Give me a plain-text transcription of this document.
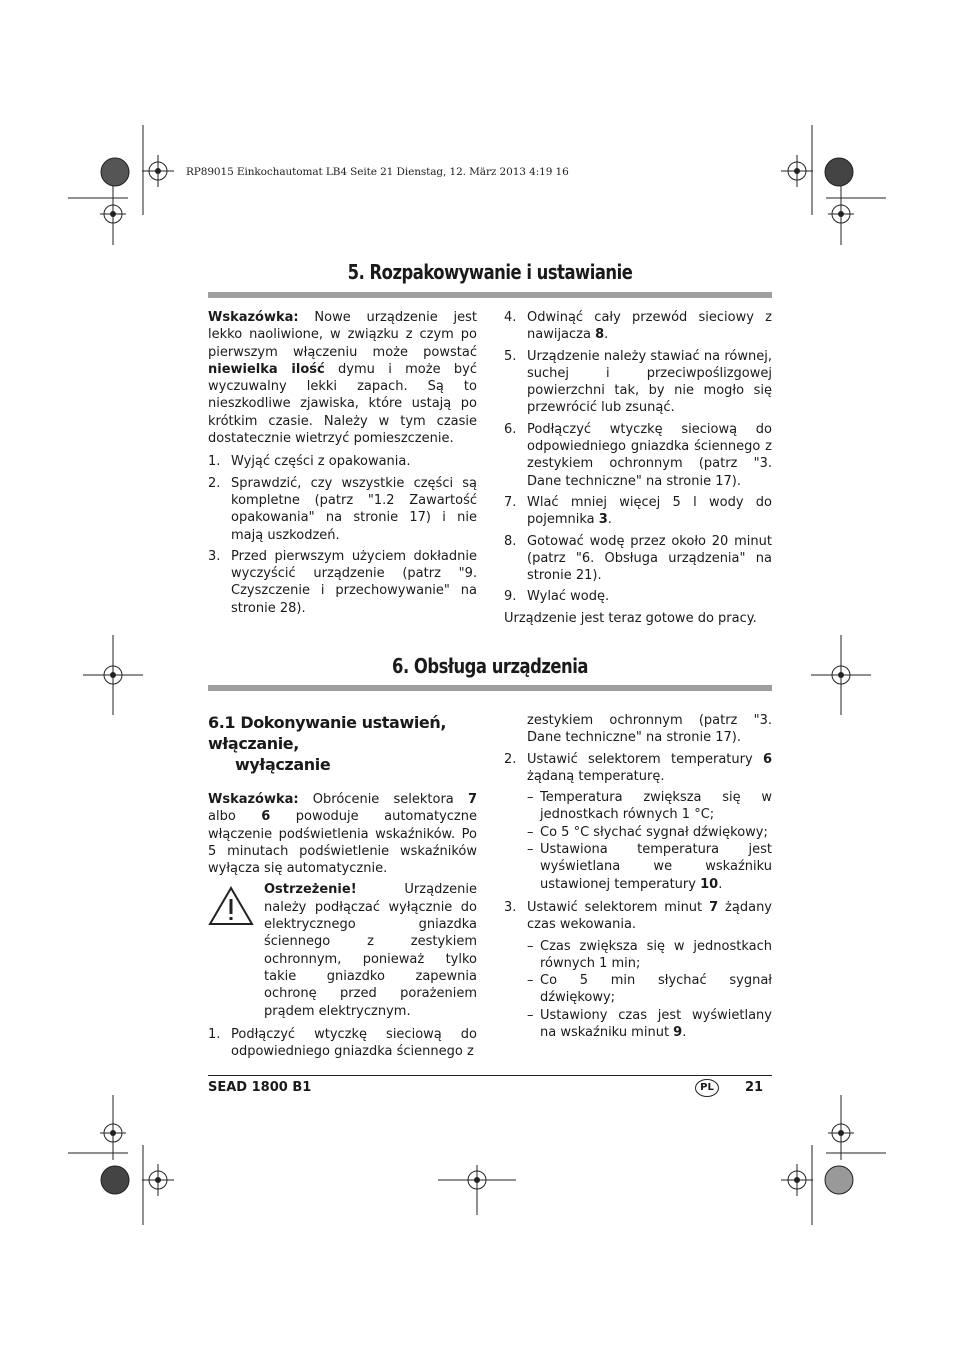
RP89015 Einkochautomat LB4 Seite 21 Dienstag, 12. März 2013 4:19 16
5. Rozpakowywanie i ustawianie

Wskazówka: Nowe urządzenie jest lekko naoliwione, w związku z czym po pierwszym włączeniu może powstać niewielka ilość dymu i może być wyczuwalny lekki zapach. Są to nieszkodliwe zjawiska, które ustają po krótkim czasie. Należy w tym czasie dostatecznie wietrzyć pomieszczenie.

1. Wyjąć części z opakowania.
2. Sprawdzić, czy wszystkie części są kompletne (patrz "1.2 Zawartość opakowania" na stronie 17) i nie mają uszkodzeń.
3. Przed pierwszym użyciem dokładnie wyczyścić urządzenie (patrz "9. Czyszczenie i przechowywanie" na stronie 28).
4. Odwinąć cały przewód sieciowy z nawijacza 8.
5. Urządzenie należy stawiać na równej, suchej i przeciwpoślizgowej powierzchni tak, by nie mogło się przewrócić lub zsunąć.
6. Podłączyć wtyczkę sieciową do odpowiedniego gniazdka ściennego z zestykiem ochronnym (patrz "3. Dane techniczne" na stronie 17).
7. Wlać mniej więcej 5 l wody do pojemnika 3.
8. Gotować wodę przez około 20 minut (patrz "6. Obsługa urządzenia" na stronie 21).
9. Wylać wodę.

Urządzenie jest teraz gotowe do pracy.

6. Obsługa urządzenia
6.1 Dokonywanie ustawień, włączanie,
wyłączanie

Wskazówka: Obrócenie selektora 7 albo 6 powoduje automatyczne włączenie podświetlenia wskaźników. Po 5 minutach podświetlenie wskaźników wyłącza się automatycznie.

Ostrzeżenie! Urządzenie należy podłączać wyłącznie do elektrycznego gniazdka ściennego z zestykiem ochronnym, ponieważ tylko takie gniazdko zapewnia ochronę przed porażeniem prądem elektrycznym.

1. Podłączyć wtyczkę sieciową do odpowiedniego gniazdka ściennego z
zestykiem ochronnym (patrz "3. Dane techniczne" na stronie 17).
2. Ustawić selektorem temperatury 6 żądaną temperaturę.
– Temperatura zwiększa się w jednostkach równych 1 °C;
– Co 5 °C słychać sygnał dźwiękowy;
– Ustawiona temperatura jest wyświetlana we wskaźniku ustawionej temperatury 10.
3. Ustawić selektorem minut 7 żądany czas wekowania.
– Czas zwiększa się w jednostkach równych 1 min;
– Co 5 min słychać sygnał dźwiękowy;
– Ustawiony czas jest wyświetlany na wskaźniku minut 9.
SEAD 1800 B1	PL	21
